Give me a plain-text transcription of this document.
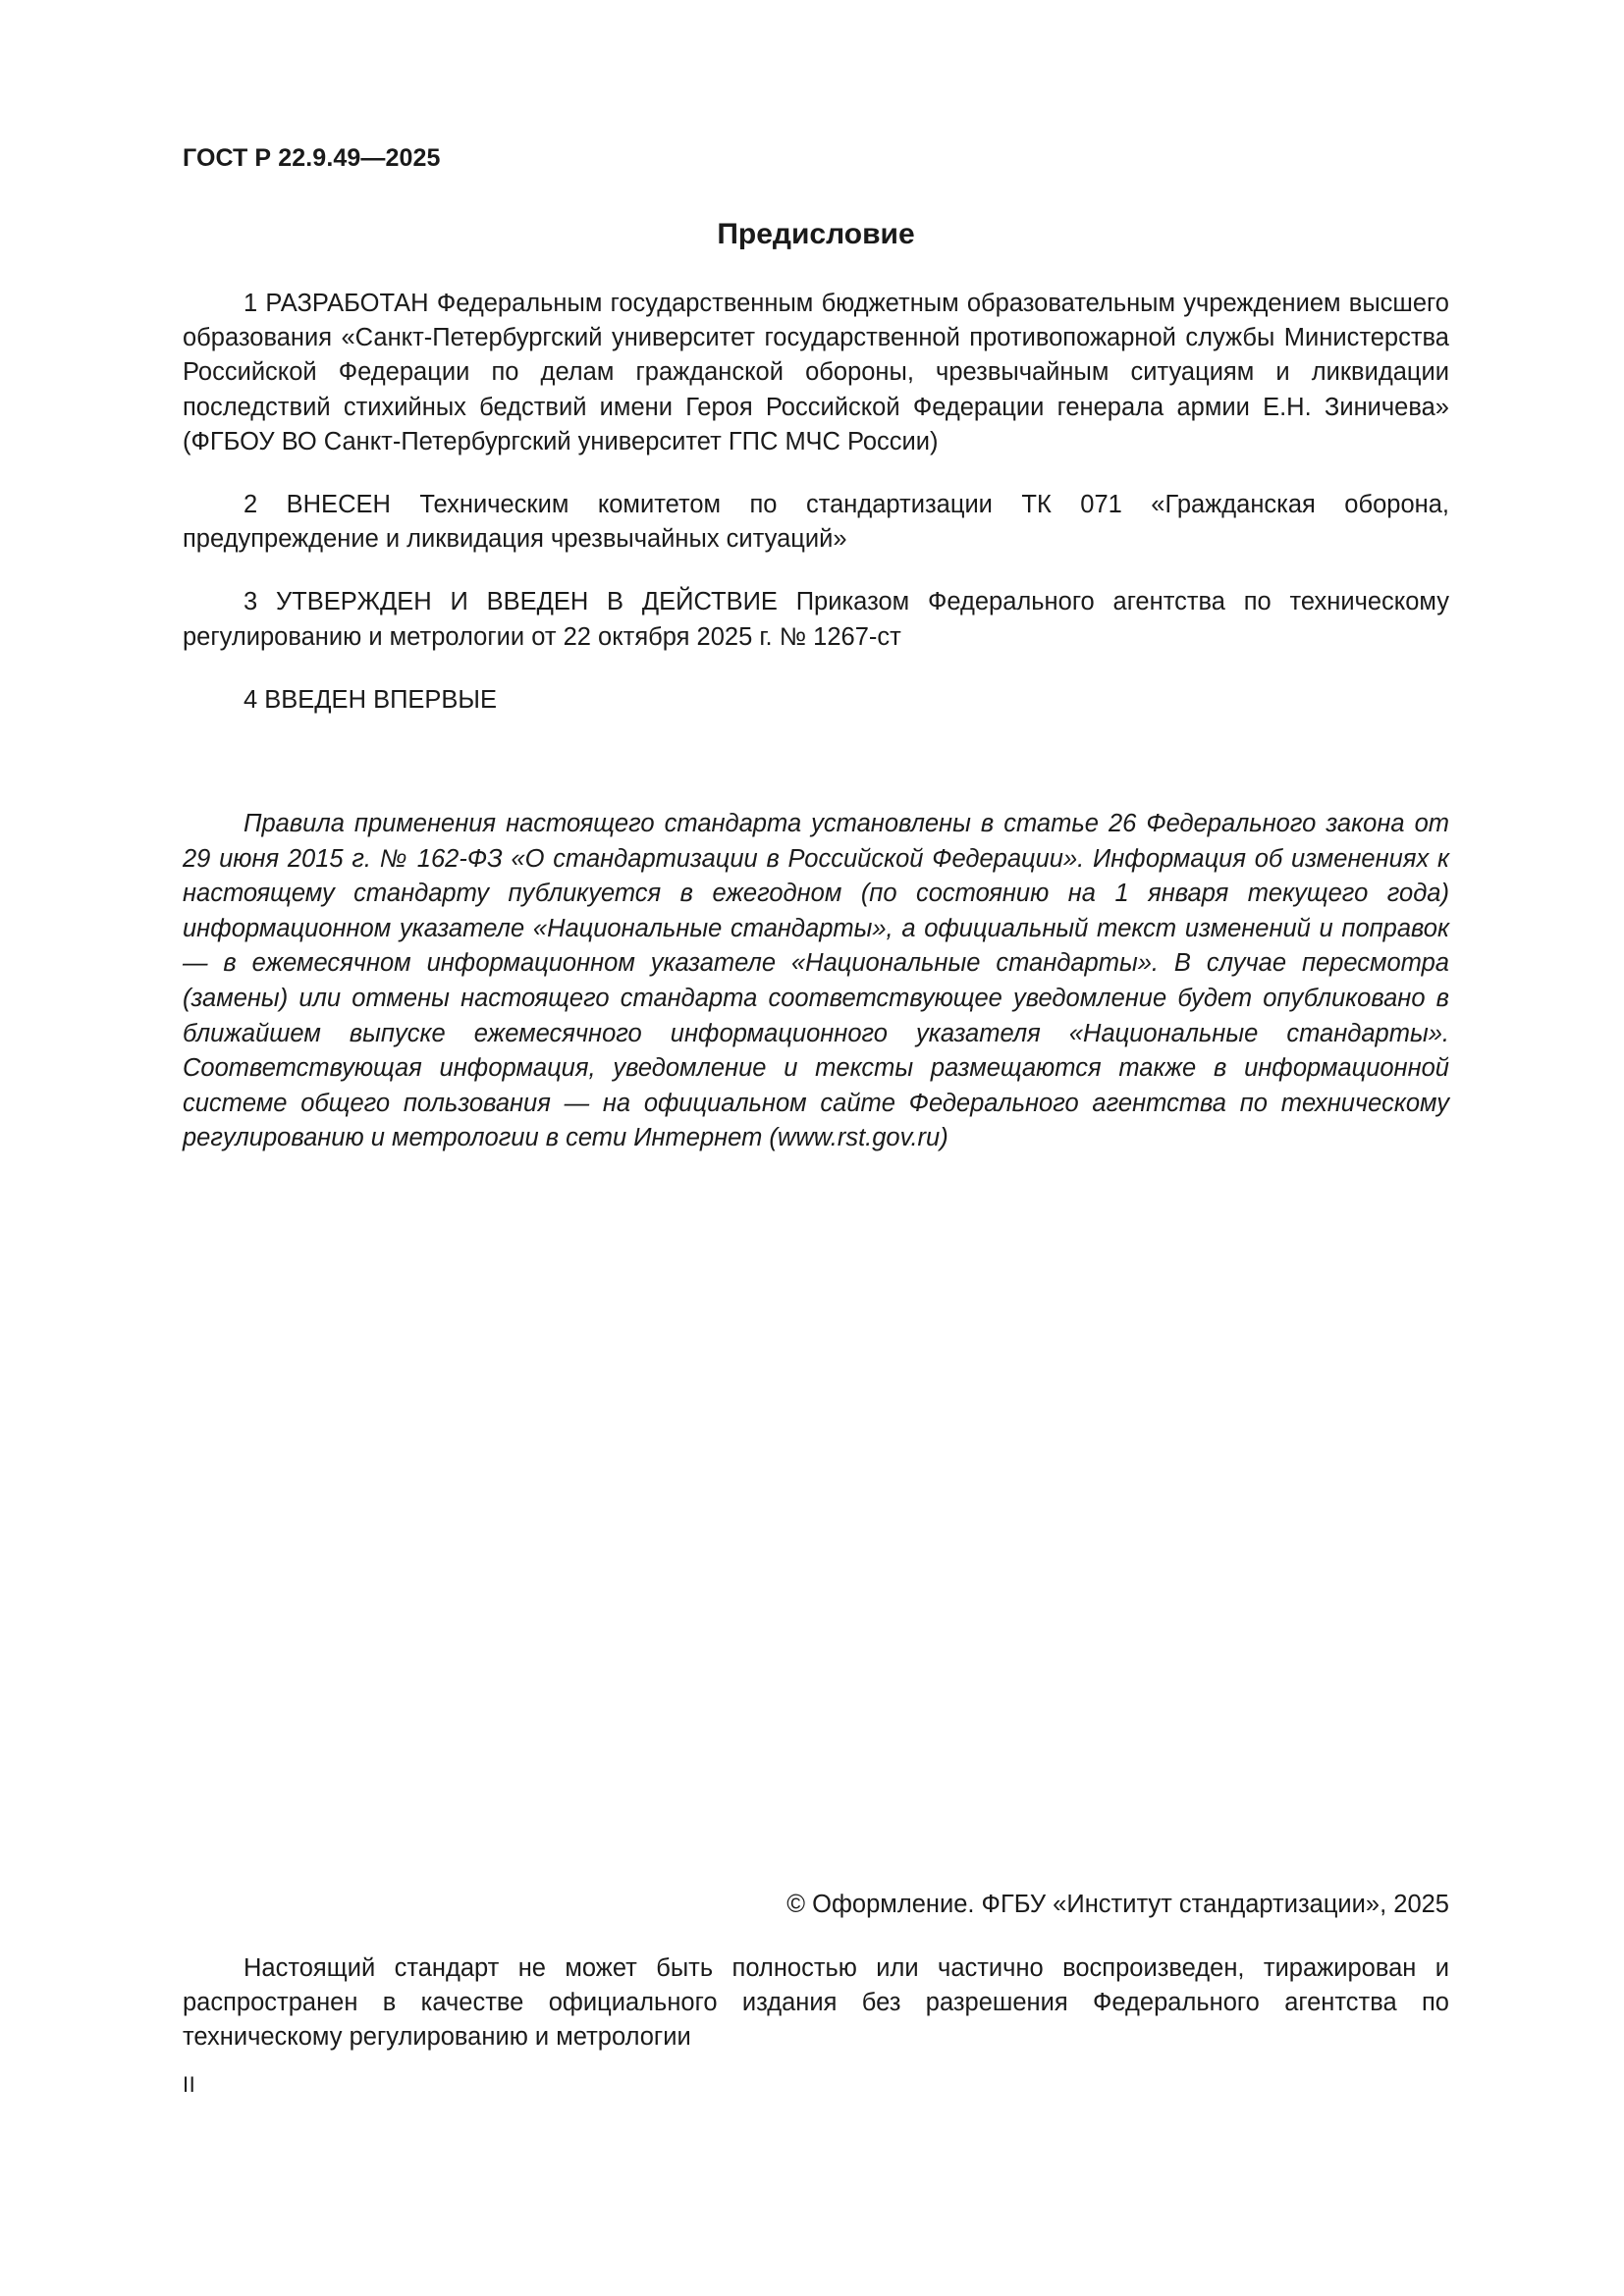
ГОСТ Р 22.9.49—2025
Предисловие

1 РАЗРАБОТАН Федеральным государственным бюджетным образовательным учреждением высшего образования «Санкт-Петербургский университет государственной противопожарной службы Министерства Российской Федерации по делам гражданской обороны, чрезвычайным ситуациям и ликвидации последствий стихийных бедствий имени Героя Российской Федерации генерала армии Е.Н. Зиничева» (ФГБОУ ВО Санкт-Петербургский университет ГПС МЧС России)

2 ВНЕСЕН Техническим комитетом по стандартизации ТК 071 «Гражданская оборона, предупреждение и ликвидация чрезвычайных ситуаций»

3 УТВЕРЖДЕН И ВВЕДЕН В ДЕЙСТВИЕ Приказом Федерального агентства по техническому регулированию и метрологии от 22 октября 2025 г. № 1267-ст

4 ВВЕДЕН ВПЕРВЫЕ

Правила применения настоящего стандарта установлены в статье 26 Федерального закона от 29 июня 2015 г. № 162-ФЗ «О стандартизации в Российской Федерации». Информация об изменениях к настоящему стандарту публикуется в ежегодном (по состоянию на 1 января текущего года) информационном указателе «Национальные стандарты», а официальный текст изменений и поправок — в ежемесячном информационном указателе «Национальные стандарты». В случае пересмотра (замены) или отмены настоящего стандарта соответствующее уведомление будет опубликовано в ближайшем выпуске ежемесячного информационного указателя «Национальные стандарты». Соответствующая информация, уведомление и тексты размещаются также в информационной системе общего пользования — на официальном сайте Федерального агентства по техническому регулированию и метрологии в сети Интернет (www.rst.gov.ru)

© Оформление. ФГБУ «Институт стандартизации», 2025

Настоящий стандарт не может быть полностью или частично воспроизведен, тиражирован и распространен в качестве официального издания без разрешения Федерального агентства по техническому регулированию и метрологии

II
